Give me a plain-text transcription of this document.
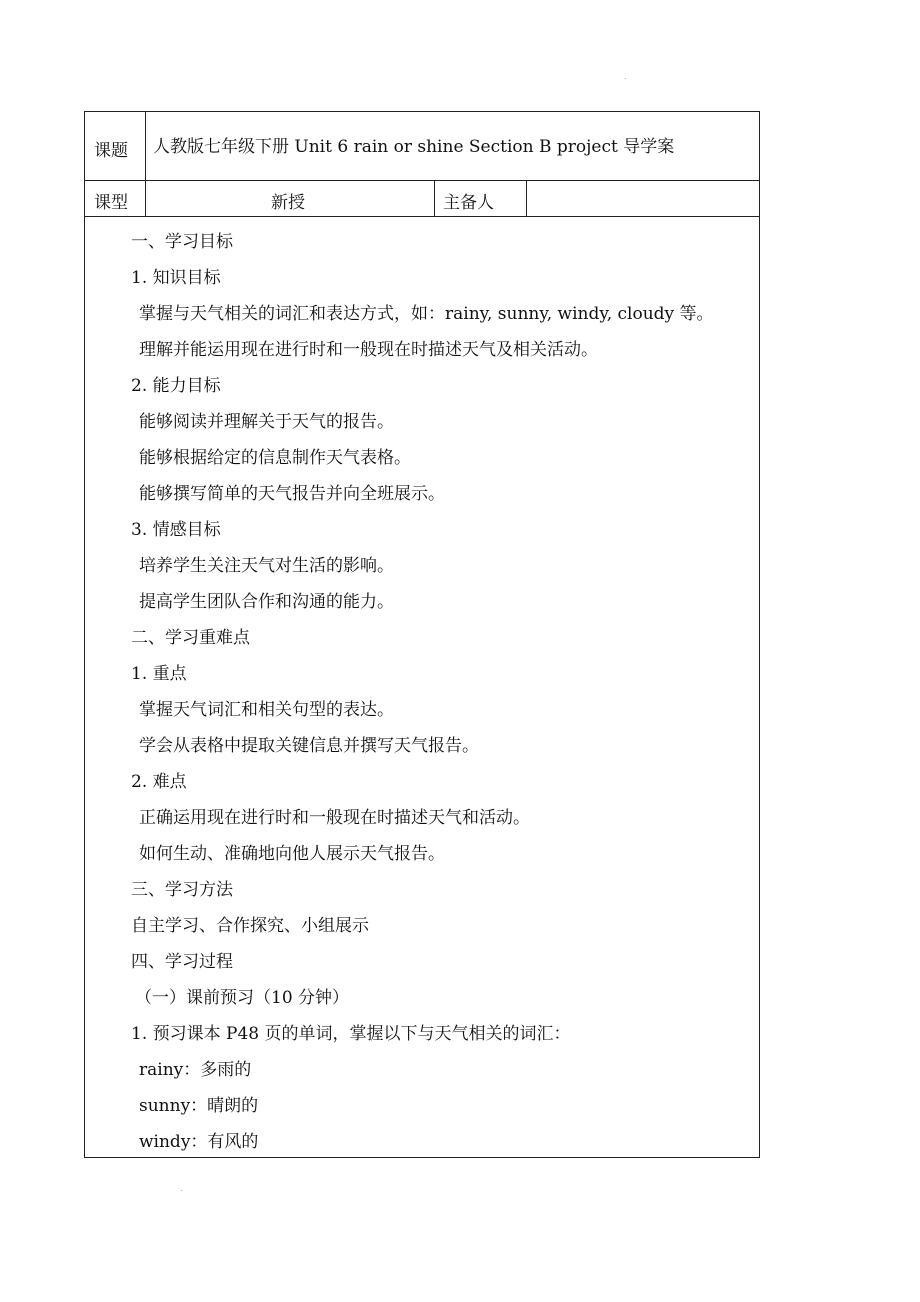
.
.
课题 人教版七年级下册 Unit 6 rain or shine Section B project 导学案
课型	新授	主备人
一、学习目标
1. 知识目标
掌握与天气相关的词汇和表达方式，如：rainy, sunny, windy, cloudy 等。
理解并能运用现在进行时和一般现在时描述天气及相关活动。
2. 能力目标
能够阅读并理解关于天气的报告。
能够根据给定的信息制作天气表格。
能够撰写简单的天气报告并向全班展示。
3. 情感目标
培养学生关注天气对生活的影响。
提高学生团队合作和沟通的能力。
二、学习重难点
1. 重点
掌握天气词汇和相关句型的表达。
学会从表格中提取关键信息并撰写天气报告。
2. 难点
正确运用现在进行时和一般现在时描述天气和活动。
如何生动、准确地向他人展示天气报告。
三、学习方法
自主学习、合作探究、小组展示
四、学习过程
（一）课前预习（10 分钟）
1. 预习课本 P48 页的单词，掌握以下与天气相关的词汇：
rainy：多雨的
sunny：晴朗的
windy：有风的
